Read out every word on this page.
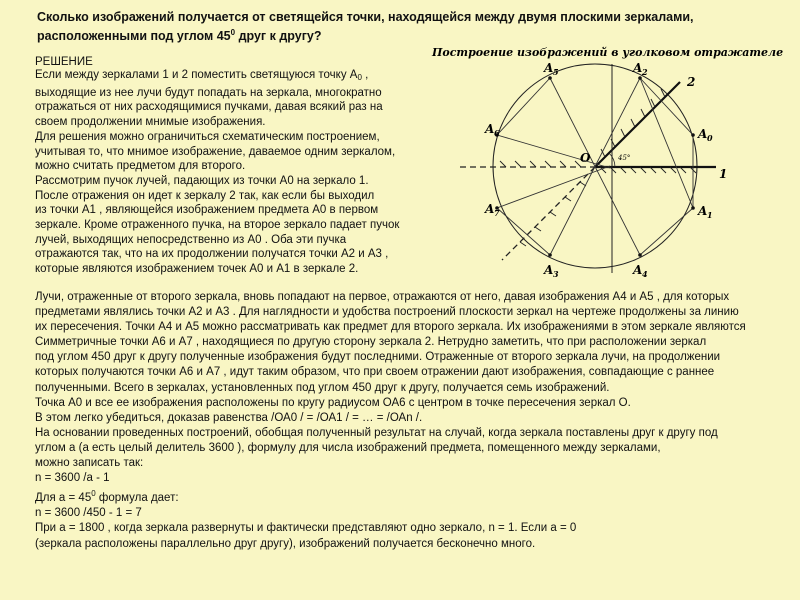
Сколько изображений получается от светящейся точки, находящейся между двумя плоскими зеркалами,
расположенными под углом $45^0$ друг к другу?
РЕШЕНИЕ
Если между зеркалами 1 и 2 поместить светящуюся точку $А_0$ ,
выходящие из нее лучи будут попадать на зеркала, многократно
отражаться от них расходящимися пучками, давая всякий раз на
своем продолжении мнимые изображения.
Для решения можно ограничиться схематическим построением,
учитывая то, что мнимое изображение, даваемое одним зеркалом,
можно считать предметом для второго.
Рассмотрим пучок лучей, падающих из точки А0 на зеркало 1.
После отражения он идет к зеркалу 2 так, как если бы выходил
из точки А1 , являющейся изображением предмета А0 в первом
зеркале. Кроме отраженного пучка, на второе зеркало падает пучок
лучей, выходящих непосредственно из А0 . Оба эти пучка
отражаются так, что на их продолжении получатся точки А2 и А3 ,
которые являются изображением точек А0 и А1 в зеркале 2.
Лучи, отраженные от второго зеркала, вновь попадают на первое, отражаются от него, давая изображения А4 и А5 , для которых
предметами являлись точки А2 и А3 . Для наглядности и удобства построений плоскости зеркал на чертеже продолжены за линию
их пересечения. Точки А4 и А5 можно рассматривать как предмет для второго зеркала. Их изображениями в этом зеркале являются
Симметричные точки А6 и А7 , находящиеся по другую сторону зеркала 2. Нетрудно заметить, что при расположении зеркал
под углом 450 друг к другу полученные изображения будут последними. Отраженные от второго зеркала лучи, на продолжении
которых получаются точки А6 и А7 , идут таким образом, что при своем отражении дают изображения, совпадающие с раннее
полученными. Всего в зеркалах, установленных под углом 450 друг к другу, получается семь изображений.
Точка А0 и все ее изображения расположены по кругу радиусом ОА6 с центром в точке пересечения зеркал О.
В этом легко убедиться, доказав равенства /ОА0 / = /ОА1 / = … = /ОАn /.
На основании проведенных построений, обобщая полученный результат на случай, когда зеркала поставлены друг к другу под
углом а (а есть целый делитель 3600 ), формулу для числа изображений предмета, помещенного между зеркалами,
можно записать так:
n = 3600 /а - 1
Для $а = 45^0$ формула дает:
n = 3600 /450 - 1 = 7
При а = 1800 , когда зеркала развернуты и фактически представляют одно зеркало, n = 1. Если а = 0
(зеркала расположены параллельно друг другу), изображений получается бесконечно много.
Построение изображений в уголковом отражателе
A 5	A 2
A 6	A 0
A 7	A 1
A 3	A 4
O
1
2
45°
